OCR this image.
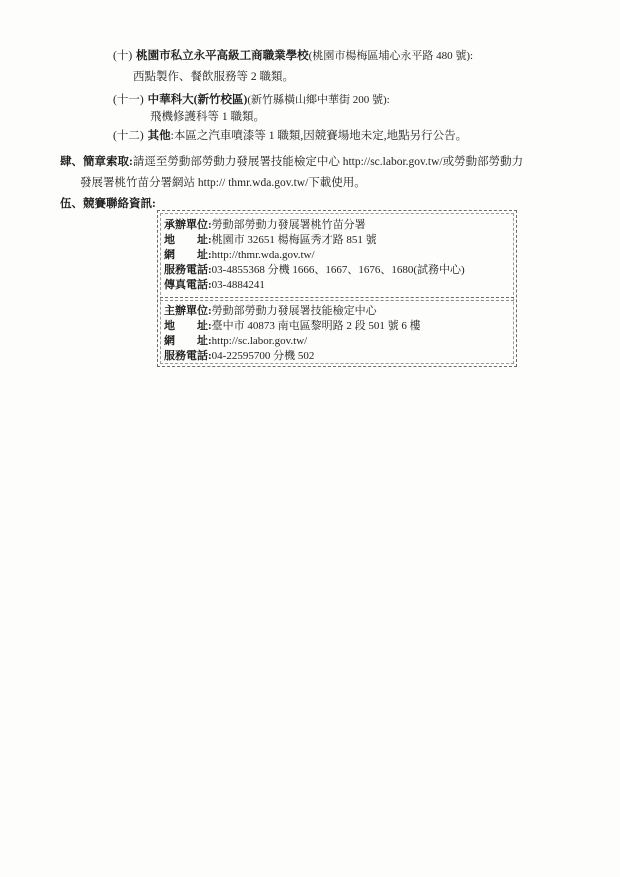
(十) 桃園市私立永平高級工商職業學校(桃園市楊梅區埔心永平路 480 號):
西點製作、餐飲服務等 2 職類。
(十一) 中華科大(新竹校區)(新竹縣橫山鄉中華街 200 號):
飛機修護科等 1 職類。
(十二) 其他:本區之汽車噴漆等 1 職類,因競賽場地未定,地點另行公告。
肆、簡章索取:請逕至勞動部勞動力發展署技能檢定中心 http://sc.labor.gov.tw/或勞動部勞動力
發展署桃竹苗分署網站 http:// thmr.wda.gov.tw/下載使用。
伍、競賽聯絡資訊:
承辦單位:勞動部勞動力發展署桃竹苗分署
地　　址:桃園市 32651 楊梅區秀才路 851 號
網　　址:http://thmr.wda.gov.tw/
服務電話:03-4855368 分機 1666、1667、1676、1680(試務中心)
傳真電話:03-4884241
主辦單位:勞動部勞動力發展署技能檢定中心
地　　址:臺中市 40873 南屯區黎明路 2 段 501 號 6 樓
網　　址:http://sc.labor.gov.tw/
服務電話:04-22595700 分機 502
